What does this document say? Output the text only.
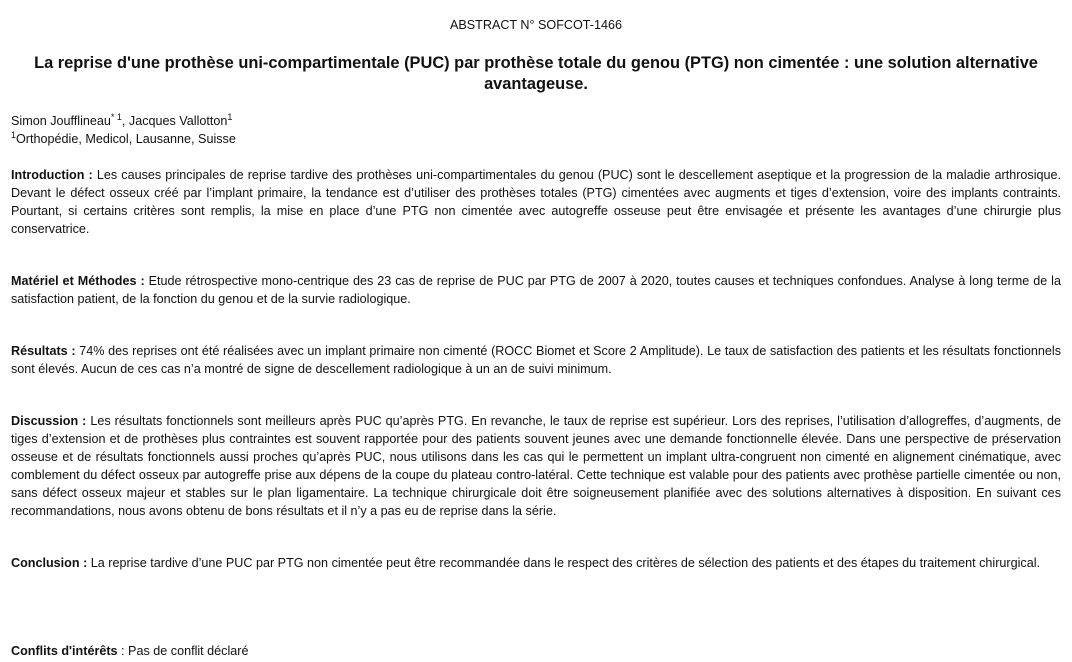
ABSTRACT N° SOFCOT-1466
La reprise d'une prothèse uni-compartimentale (PUC) par prothèse totale du genou (PTG) non cimentée : une solution alternative avantageuse.
Simon Joufflineau$^{* 1}$, Jacques Vallotton$^1$
$^1$Orthopédie, Medicol, Lausanne, Suisse

Introduction : Les causes principales de reprise tardive des prothèses uni-compartimentales du genou (PUC) sont le descellement aseptique et la progression de la maladie arthrosique. Devant le défect osseux créé par l’implant primaire, la tendance est d’utiliser des prothèses totales (PTG) cimentées avec augments et tiges d’extension, voire des implants contraints. Pourtant, si certains critères sont remplis, la mise en place d’une PTG non cimentée avec autogreffe osseuse peut être envisagée et présente les avantages d’une chirurgie plus conservatrice.

Matériel et Méthodes : Etude rétrospective mono-centrique des 23 cas de reprise de PUC par PTG de 2007 à 2020, toutes causes et techniques confondues. Analyse à long terme de la satisfaction patient, de la fonction du genou et de la survie radiologique.

Résultats : 74% des reprises ont été réalisées avec un implant primaire non cimenté (ROCC Biomet et Score 2 Amplitude). Le taux de satisfaction des patients et les résultats fonctionnels sont élevés. Aucun de ces cas n’a montré de signe de descellement radiologique à un an de suivi minimum.

Discussion : Les résultats fonctionnels sont meilleurs après PUC qu’après PTG. En revanche, le taux de reprise est supérieur. Lors des reprises, l’utilisation d’allogreffes, d’augments, de tiges d’extension et de prothèses plus contraintes est souvent rapportée pour des patients souvent jeunes avec une demande fonctionnelle élevée. Dans une perspective de préservation osseuse et de résultats fonctionnels aussi proches qu’après PUC, nous utilisons dans les cas qui le permettent un implant ultra-congruent non cimenté en alignement cinématique, avec comblement du défect osseux par autogreffe prise aux dépens de la coupe du plateau contro-latéral. Cette technique est valable pour des patients avec prothèse partielle cimentée ou non, sans défect osseux majeur et stables sur le plan ligamentaire. La technique chirurgicale doit être soigneusement planifiée avec des solutions alternatives à disposition. En suivant ces recommandations, nous avons obtenu de bons résultats et il n’y a pas eu de reprise dans la série.

Conclusion : La reprise tardive d’une PUC par PTG non cimentée peut être recommandée dans le respect des critères de sélection des patients et des étapes du traitement chirurgical.

Conflits d'intérêts : Pas de conflit déclaré
